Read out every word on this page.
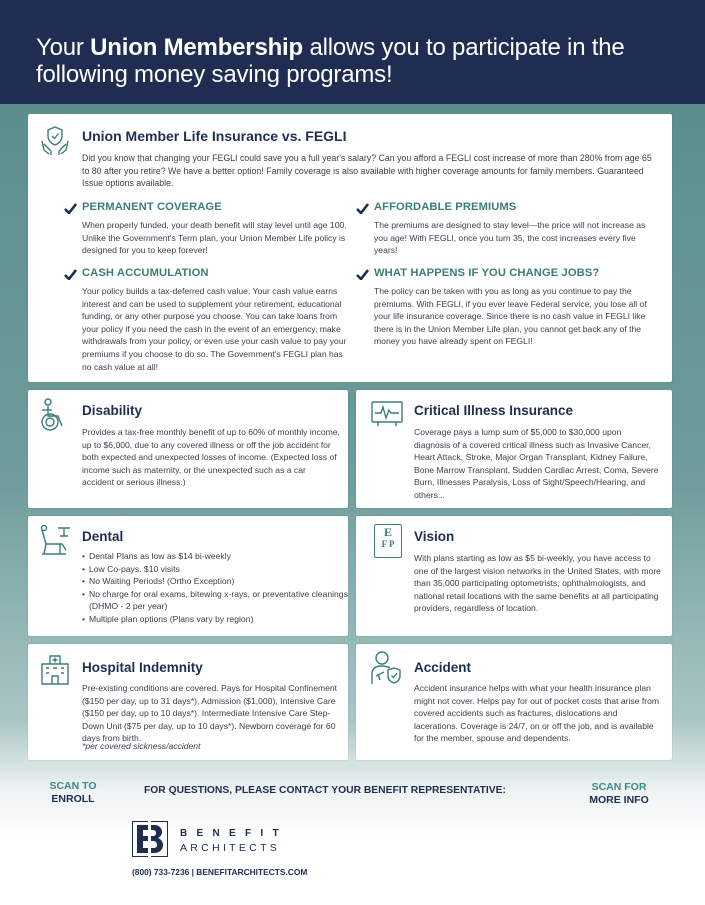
Your Union Membership allows you to participate in the
following money saving programs!
Union Member Life Insurance vs. FEGLI
Did you know that changing your FEGLI could save you a full year's salary? Can you afford a FEGLI cost increase of more than 280% from age 65 to 80 after you retire? We have a better option! Family coverage is also available with higher coverage amounts for family members. Guaranteed Issue options available.
PERMANENT COVERAGE
When properly funded, your death benefit will stay level until age 100. Unlike the Government's Term plan, your Union Member Life policy is designed for you to keep forever!
AFFORDABLE PREMIUMS
The premiums are designed to stay level—the price will not increase as you age! With FEGLI, once you turn 35, the cost increases every five years!
CASH ACCUMULATION
Your policy builds a tax-deferred cash value. Your cash value earns interest and can be used to supplement your retirement, educational funding, or any other purpose you choose. You can take loans from your policy if you need the cash in the event of an emergency, make withdrawals from your policy, or even use your cash value to pay your premiums if you choose to do so. The Government's FEGLI plan has no cash value at all!
WHAT HAPPENS IF YOU CHANGE JOBS?
The policy can be taken with you as long as you continue to pay the premiums. With FEGLI, if you ever leave Federal service, you lose all of your life insurance coverage. Since there is no cash value in FEGLI like there is in the Union Member Life plan, you cannot get back any of the money you have already spent on FEGLI!
Disability
Provides a tax-free monthly benefit of up to 60% of monthly income, up to $6,000, due to any covered illness or off the job accident for both expected and unexpected losses of income. (Expected loss of income such as maternity, or the unexpected such as a car accident or serious illness.)
Critical Illness Insurance
Coverage pays a lump sum of $5,000 to $30,000 upon diagnosis of a covered critical illness such as Invasive Cancer, Heart Attack, Stroke, Major Organ Transplant, Kidney Failure, Bone Marrow Transplant, Sudden Cardiac Arrest, Coma, Severe Burn, Illnesses Paralysis, Loss of Sight/Speech/Hearing, and others...
Dental
• Dental Plans as low as $14 bi-weekly
• Low Co-pays. $10 visits
• No Waiting Periods! (Ortho Exception)
• No charge for oral exams, bitewing x-rays, or preventative cleanings (DHMO - 2 per year)
• Multiple plan options (Plans vary by region)
E
F P	Vision
With plans starting as low as $5 bi-weekly, you have access to one of the largest vision networks in the United States, with more than 35,000 participating optometrists, ophthalmologists, and national retail locations with the same benefits at all participating providers, regardless of location.
Hospital Indemnity
Pre-existing conditions are covered. Pays for Hospital Confinement ($150 per day, up to 31 days*), Admission ($1,000), Intensive Care ($150 per day, up to 10 days*). Intermediate Intensive Care Step-Down Unit ($75 per day, up to 10 days*). Newborn coverage for 60 days from birth.
*per covered sickness/accident
Accident
Accident insurance helps with what your health insurance plan might not cover. Helps pay for out of pocket costs that arise from covered accidents such as fractures, dislocations and lacerations. Coverage is 24/7, on or off the job, and is available for the member, spouse and dependents.
SCAN TO
ENROLL
FOR QUESTIONS, PLEASE CONTACT YOUR BENEFIT REPRESENTATIVE:	SCAN FOR
MORE INFO
BENEFIT
ARCHITECTS
(800) 733-7236 | BENEFITARCHITECTS.COM
